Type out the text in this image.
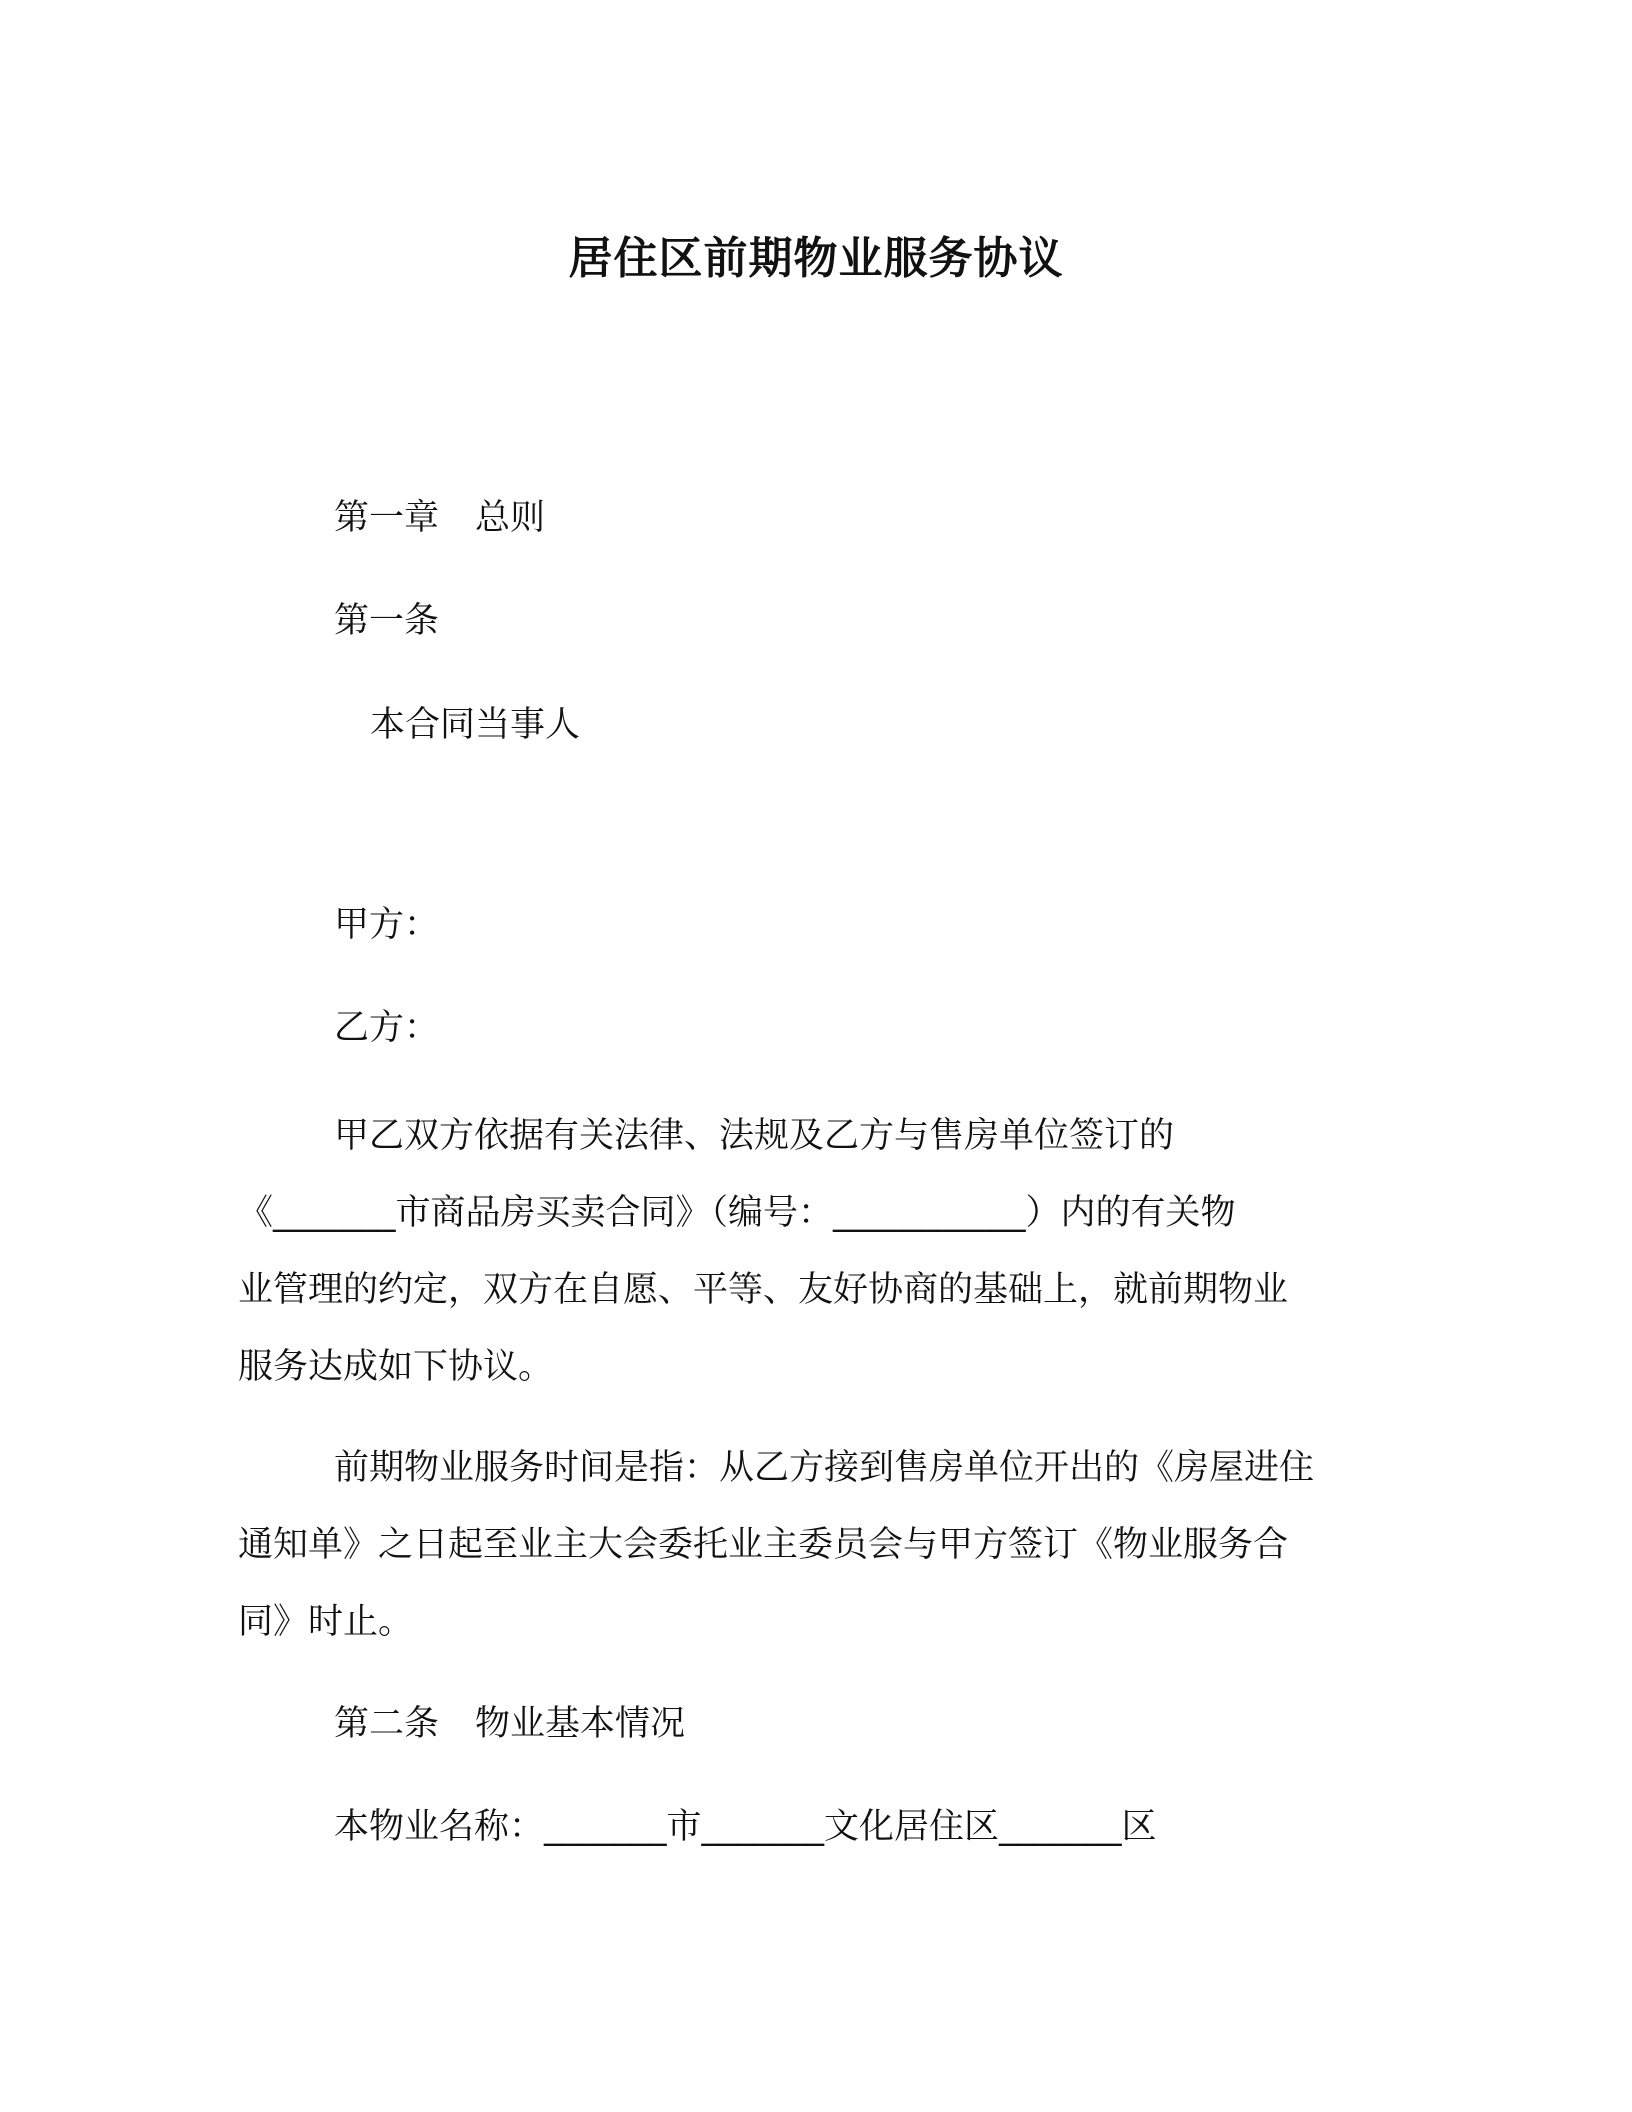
居住区前期物业服务协议
第一章 总则
第一条
本合同当事人
甲方：
乙方：
甲乙双方依据有关法律、法规及乙方与售房单位签订的
《_______市商品房买卖合同》（编号：___________）内的有关物
业管理的约定，双方在自愿、平等、友好协商的基础上，就前期物业
服务达成如下协议。
前期物业服务时间是指：从乙方接到售房单位开出的《房屋进住
通知单》之日起至业主大会委托业主委员会与甲方签订《物业服务合
同》时止。
第二条 物业基本情况
本物业名称：_______市_______文化居住区_______区
